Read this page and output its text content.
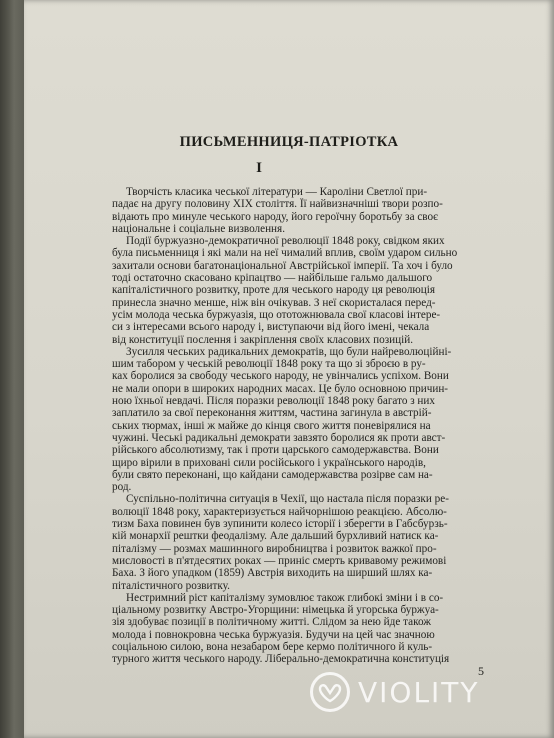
ПИСЬМЕННИЦЯ-ПАТРІОТКА
I
Творчість класика чеської літератури — Кароліни Светлої при-
падає на другу половину XIX століття. Її найвизначніші твори розпо-
відають про минуле чеського народу, його героїчну боротьбу за своє
національне і соціальне визволення.
Події буржуазно-демократичної революції 1848 року, свідком яких
була письменниця і які мали на неї чималий вплив, своїм ударом сильно
захитали основи багатонаціональної Австрійської імперії. Та хоч і було
тоді остаточно скасовано кріпацтво — найбільше гальмо дальшого
капіталістичного розвитку, проте для чеського народу ця революція
принесла значно менше, ніж він очікував. З неї скористалася перед-
усім молода чеська буржуазія, що ототожнювала свої класові інтере-
си з інтересами всього народу і, виступаючи від його імені, чекала
від конституції послення і закріплення своїх класових позицій.
Зусилля чеських радикальних демократів, що були найреволюційні-
шим табором у чеській революції 1848 року та що зі зброєю в ру-
ках боролися за свободу чеського народу, не увінчались успіхом. Вони
не мали опори в широких народних масах. Це було основною причин-
ною їхньої невдачі. Після поразки революції 1848 року багато з них
заплатило за свої переконання життям, частина загинула в австрій-
ських тюрмах, інші ж майже до кінця свого життя поневірялися на
чужині. Чеські радикальні демократи завзято боролися як проти авст-
рійського абсолютизму, так і проти царського самодержавства. Вони
щиро вірили в приховані сили російського і українського народів,
були свято переконані, що кайдани самодержавства розірве сам на-
род.
Суспільно-політична ситуація в Чехії, що настала після поразки ре-
волюції 1848 року, характеризується найчорнішою реакцією. Абсолю-
тизм Баха повинен був зупинити колесо історії і зберегти в Габсбурзь-
кій монархії рештки феодалізму. Але дальший бурхливий натиск ка-
піталізму — розмах машинного виробництва і розвиток важкої про-
мисловості в п'ятдесятих роках — приніс смерть кривавому режимові
Баха. З його упадком (1859) Австрія виходить на ширший шлях ка-
піталістичного розвитку.
Нестримний ріст капіталізму зумовлює також глибокі зміни і в со-
ціальному розвитку Австро-Угорщини: німецька й угорська буржуа-
зія здобуває позиції в політичному житті. Слідом за нею йде також
молода і повнокровна чеська буржуазія. Будучи на цей час значною
соціальною силою, вона незабаром бере кермо політичного й куль-
турного життя чеського народу. Ліберально-демократична конституція
5
VIOLITY
